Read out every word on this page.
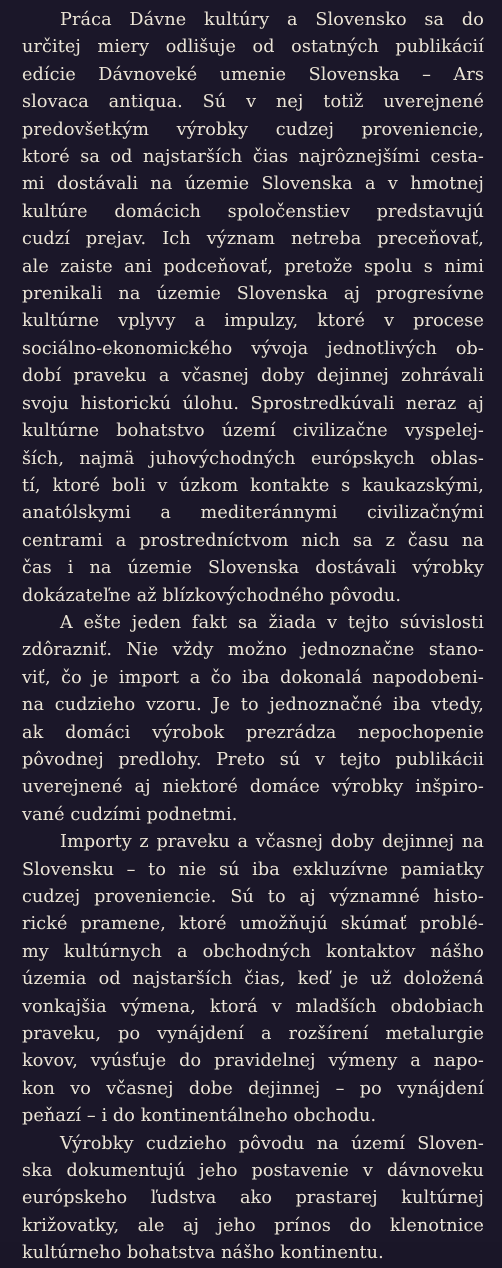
Práca Dávne kultúry a Slovensko sa do
určitej miery odlišuje od ostatných publikácií
edície Dávnoveké umenie Slovenska – Ars
slovaca antiqua. Sú v nej totiž uverejnené
predovšetkým výrobky cudzej proveniencie,
ktoré sa od najstarších čias najrôznejšími cesta-
mi dostávali na územie Slovenska a v hmotnej
kultúre domácich spoločenstiev predstavujú
cudzí prejav. Ich význam netreba preceňovať,
ale zaiste ani podceňovať, pretože spolu s nimi
prenikali na územie Slovenska aj progresívne
kultúrne vplyvy a impulzy, ktoré v procese
sociálno-ekonomického vývoja jednotlivých ob-
dobí praveku a včasnej doby dejinnej zohrávali
svoju historickú úlohu. Sprostredkúvali neraz aj
kultúrne bohatstvo území civilizačne vyspelej-
ších, najmä juhovýchodných európskych oblas-
tí, ktoré boli v úzkom kontakte s kaukazskými,
anatólskymi a mediteránnymi civilizačnými
centrami a prostredníctvom nich sa z času na
čas i na územie Slovenska dostávali výrobky
dokázateľne až blízkovýchodného pôvodu.

A ešte jeden fakt sa žiada v tejto súvislosti
zdôrazniť. Nie vždy možno jednoznačne stano-
viť, čo je import a čo iba dokonalá napodobeni-
na cudzieho vzoru. Je to jednoznačné iba vtedy,
ak domáci výrobok prezrádza nepochopenie
pôvodnej predlohy. Preto sú v tejto publikácii
uverejnené aj niektoré domáce výrobky inšpiro-
vané cudzími podnetmi.

Importy z praveku a včasnej doby dejinnej na
Slovensku – to nie sú iba exkluzívne pamiatky
cudzej proveniencie. Sú to aj významné histo-
rické pramene, ktoré umožňujú skúmať problé-
my kultúrnych a obchodných kontaktov nášho
územia od najstarších čias, keď je už doložená
vonkajšia výmena, ktorá v mladších obdobiach
praveku, po vynájdení a rozšírení metalurgie
kovov, vyúsťuje do pravidelnej výmeny a napo-
kon vo včasnej dobe dejinnej – po vynájdení
peňazí – i do kontinentálneho obchodu.

Výrobky cudzieho pôvodu na území Sloven-
ska dokumentujú jeho postavenie v dávnoveku
európskeho ľudstva ako prastarej kultúrnej
križovatky, ale aj jeho prínos do klenotnice
kultúrneho bohatstva nášho kontinentu.
